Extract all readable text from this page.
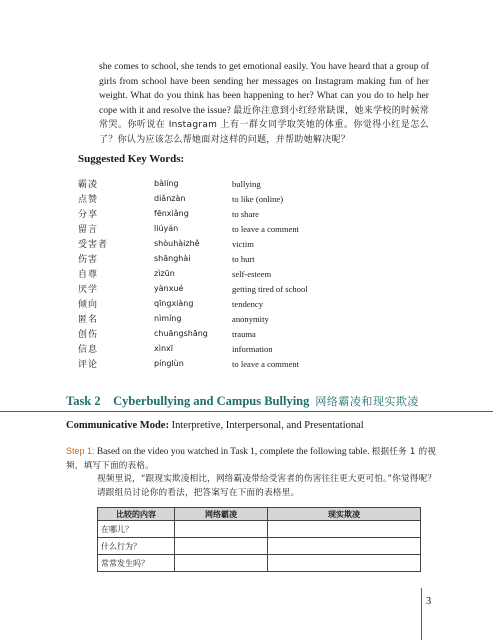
she comes to school, she tends to get emotional easily. You have heard that a group of girls from school have been sending her messages on Instagram making fun of her weight. What do you think has been happening to her? What can you do to help her cope with it and resolve the issue? 最近你注意到小红经常缺课，她来学校的时候常常哭。你听说在 Instagram 上有一群女同学取笑她的体重。你觉得小红是怎么了？你认为应该怎么帮她面对这样的问题，并帮助她解决呢？
Suggested Key Words:
霸凌	bàlíng	bullying
点赞	diǎnzàn	to like (online)
分享	fēnxiǎng	to share
留言	liúyán	to leave a comment
受害者	shòuhàizhě	victim
伤害	shānghài	to hurt
自尊	zìzūn	self-esteem
厌学	yànxué	getting tired of school
倾向	qīngxiàng	tendency
匿名	nìmíng	anonymity
创伤	chuāngshāng	trauma
信息	xìnxī	information
评论	pínglùn	to leave a comment
Task 2    Cyberbullying and Campus Bullying 网络霸凌和现实欺凌
Communicative Mode: Interpretive, Interpersonal, and Presentational
Step 1: Based on the video you watched in Task 1, complete the following table. 根据任务 1 的视频，填写下面的表格。
视频里说，“跟现实欺凌相比，网络霸凌带给受害者的伤害往往更大更可怕。”你觉得呢？请跟组员讨论你的看法，把答案写在下面的表格里。
比较的内容	网络霸凌	现实欺凌
在哪儿？		
什么行为？		
常常发生吗？		
3
